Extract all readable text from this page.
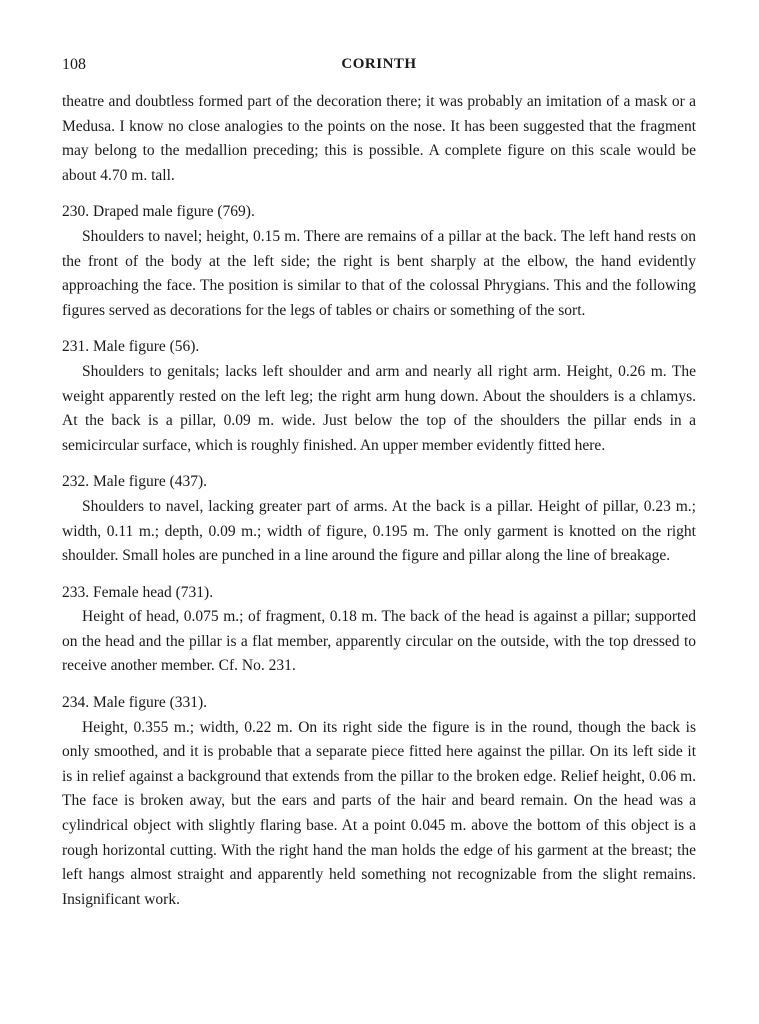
108	CORINTH

theatre and doubtless formed part of the decoration there; it was probably an imitation of a mask or a Medusa. I know no close analogies to the points on the nose. It has been suggested that the fragment may belong to the medallion preceding; this is possible. A complete figure on this scale would be about 4.70 m. tall.

230. Draped male figure (769).

Shoulders to navel; height, 0.15 m. There are remains of a pillar at the back. The left hand rests on the front of the body at the left side; the right is bent sharply at the elbow, the hand evidently approaching the face. The position is similar to that of the colossal Phrygians. This and the following figures served as decorations for the legs of tables or chairs or something of the sort.

231. Male figure (56).

Shoulders to genitals; lacks left shoulder and arm and nearly all right arm. Height, 0.26 m. The weight apparently rested on the left leg; the right arm hung down. About the shoulders is a chlamys. At the back is a pillar, 0.09 m. wide. Just below the top of the shoulders the pillar ends in a semicircular surface, which is roughly finished. An upper member evidently fitted here.

232. Male figure (437).

Shoulders to navel, lacking greater part of arms. At the back is a pillar. Height of pillar, 0.23 m.; width, 0.11 m.; depth, 0.09 m.; width of figure, 0.195 m. The only garment is knotted on the right shoulder. Small holes are punched in a line around the figure and pillar along the line of breakage.

233. Female head (731).

Height of head, 0.075 m.; of fragment, 0.18 m. The back of the head is against a pillar; supported on the head and the pillar is a flat member, apparently circular on the outside, with the top dressed to receive another member. Cf. No. 231.

234. Male figure (331).

Height, 0.355 m.; width, 0.22 m. On its right side the figure is in the round, though the back is only smoothed, and it is probable that a separate piece fitted here against the pillar. On its left side it is in relief against a background that extends from the pillar to the broken edge. Relief height, 0.06 m. The face is broken away, but the ears and parts of the hair and beard remain. On the head was a cylindrical object with slightly flaring base. At a point 0.045 m. above the bottom of this object is a rough horizontal cutting. With the right hand the man holds the edge of his garment at the breast; the left hangs almost straight and apparently held something not recognizable from the slight remains. Insignificant work.
